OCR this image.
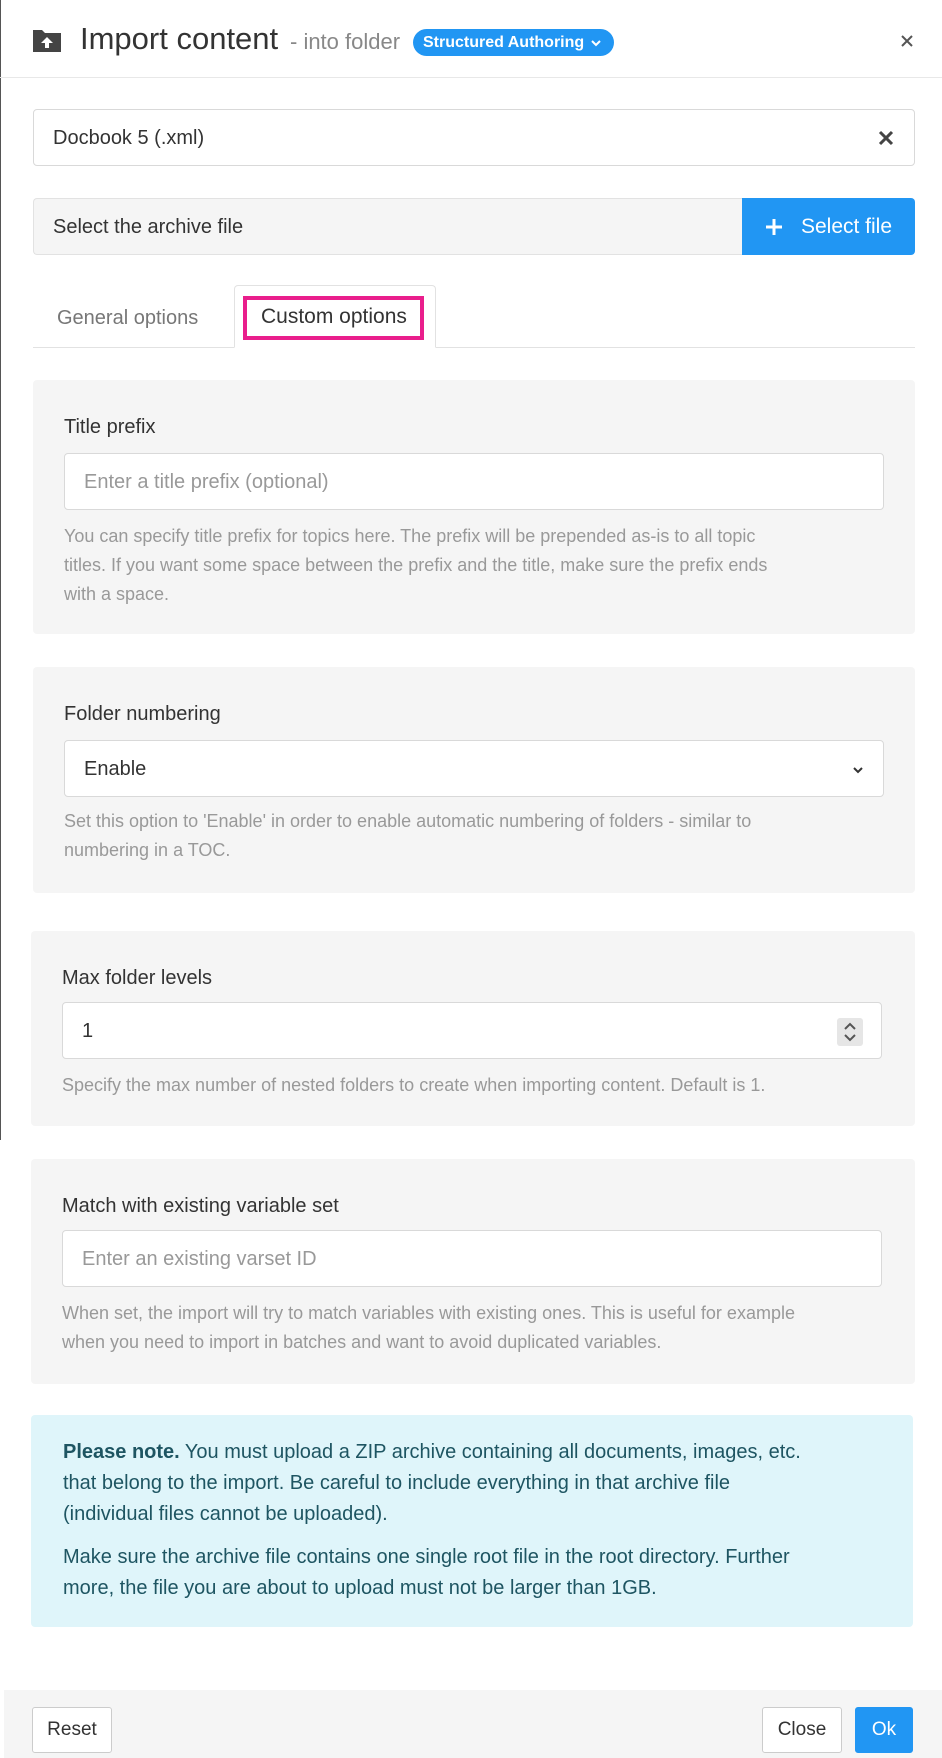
Import content - into folder Structured Authoring
Docbook 5 (.xml)
Select the archive file	Select file
General options	Custom options
Title prefix
Enter a title prefix (optional)
You can specify title prefix for topics here. The prefix will be prepended as-is to all topic
titles. If you want some space between the prefix and the title, make sure the prefix ends
with a space.
Folder numbering
Enable
Set this option to 'Enable' in order to enable automatic numbering of folders - similar to
numbering in a TOC.
Max folder levels
1
Specify the max number of nested folders to create when importing content. Default is 1.
Match with existing variable set
Enter an existing varset ID
When set, the import will try to match variables with existing ones. This is useful for example
when you need to import in batches and want to avoid duplicated variables.

Please note. You must upload a ZIP archive containing all documents, images, etc.

that belong to the import. Be careful to include everything in that archive file

(individual files cannot be uploaded).

Make sure the archive file contains one single root file in the root directory. Further

more, the file you are about to upload must not be larger than 1GB.

Reset	Close	Ok
